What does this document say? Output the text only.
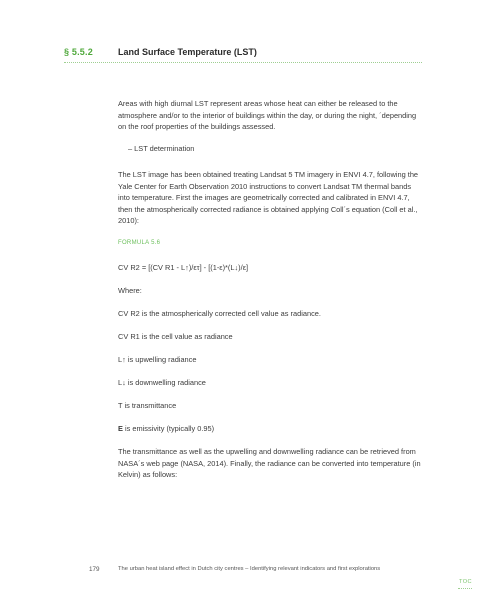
§ 5.5.2	Land Surface Temperature (LST)
Areas with high diurnal LST represent areas whose heat can either be released to the atmosphere and/or to the interior of buildings within the day, or during the night, ´depending on the roof properties of the buildings assessed.
– LST determination
The LST image has been obtained treating Landsat 5 TM imagery in ENVI 4.7, following the Yale Center for Earth Observation 2010 instructions to convert Landsat TM thermal bands into temperature. First the images are geometrically corrected and calibrated in ENVI 4.7, then the atmospherically corrected radiance is obtained applying Coll´s equation (Coll et al., 2010):
FORMULA 5.6
CV R2 = [(CV R1 - L↑)/ετ] - [(1-ε)*(L↓)/ε]
Where:
CV R2 is the atmospherically corrected cell value as radiance.
CV R1 is the cell value as radiance
L↑ is upwelling radiance
L↓ is downwelling radiance
T is transmittance
E is emissivity (typically 0.95)
The transmittance as well as the upwelling and downwelling radiance can be retrieved from NASA´s web page (NASA, 2014). Finally, the radiance can be converted into temperature (in Kelvin) as follows:
179	The urban heat island effect in Dutch city centres – Identifying relevant indicators and first explorations
TOC
